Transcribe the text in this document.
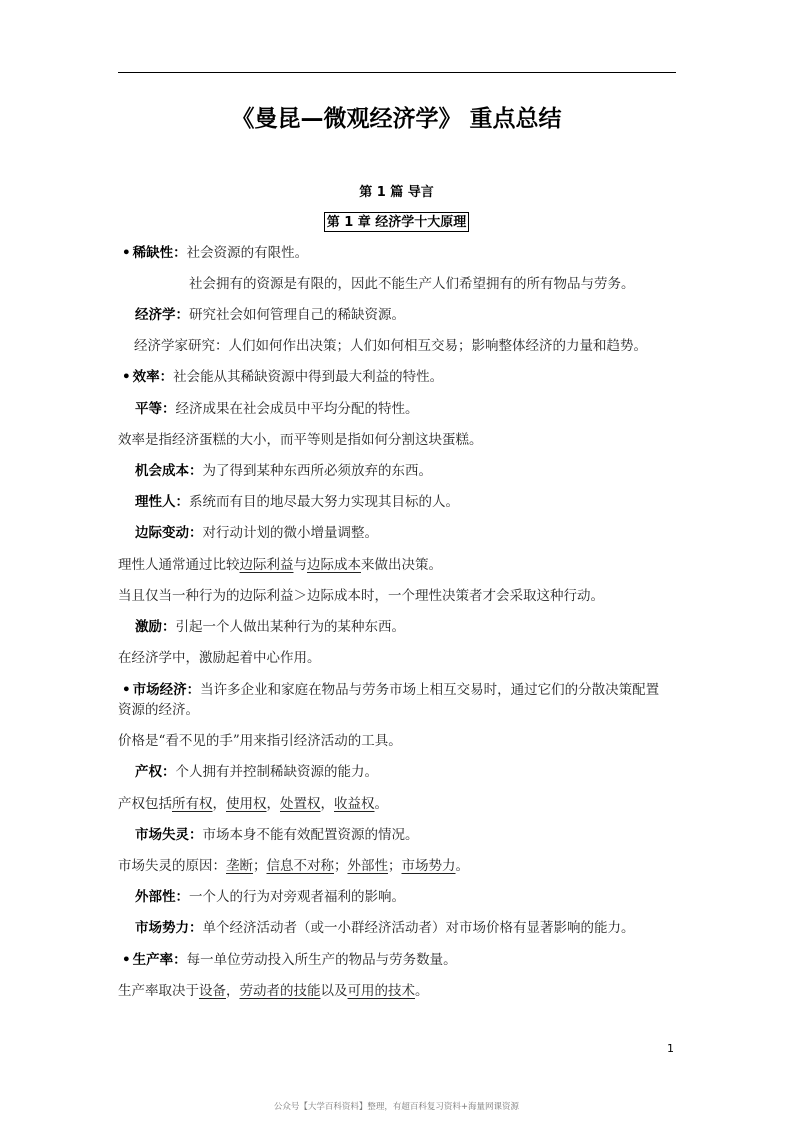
《曼昆—微观经济学》 重点总结
第 1 篇 导言
第 1 章 经济学十大原理
• 稀缺性：社会资源的有限性。
社会拥有的资源是有限的，因此不能生产人们希望拥有的所有物品与劳务。
经济学：研究社会如何管理自己的稀缺资源。
经济学家研究：人们如何作出决策；人们如何相互交易；影响整体经济的力量和趋势。
• 效率：社会能从其稀缺资源中得到最大利益的特性。
平等：经济成果在社会成员中平均分配的特性。
效率是指经济蛋糕的大小，而平等则是指如何分割这块蛋糕。
机会成本：为了得到某种东西所必须放弃的东西。
理性人：系统而有目的地尽最大努力实现其目标的人。
边际变动：对行动计划的微小增量调整。
理性人通常通过比较边际利益与边际成本来做出决策。
当且仅当一种行为的边际利益＞边际成本时，一个理性决策者才会采取这种行动。
激励：引起一个人做出某种行为的某种东西。
在经济学中，激励起着中心作用。
• 市场经济：当许多企业和家庭在物品与劳务市场上相互交易时，通过它们的分散决策配置
资源的经济。
价格是“看不见的手”用来指引经济活动的工具。
产权：个人拥有并控制稀缺资源的能力。
产权包括所有权，使用权，处置权，收益权。
市场失灵：市场本身不能有效配置资源的情况。
市场失灵的原因：垄断；信息不对称；外部性；市场势力。
外部性：一个人的行为对旁观者福利的影响。
市场势力：单个经济活动者（或一小群经济活动者）对市场价格有显著影响的能力。
• 生产率：每一单位劳动投入所生产的物品与劳务数量。
生产率取决于设备，劳动者的技能以及可用的技术。
1
公众号【大学百科资料】整理，有超百科复习资料+海量网课资源
